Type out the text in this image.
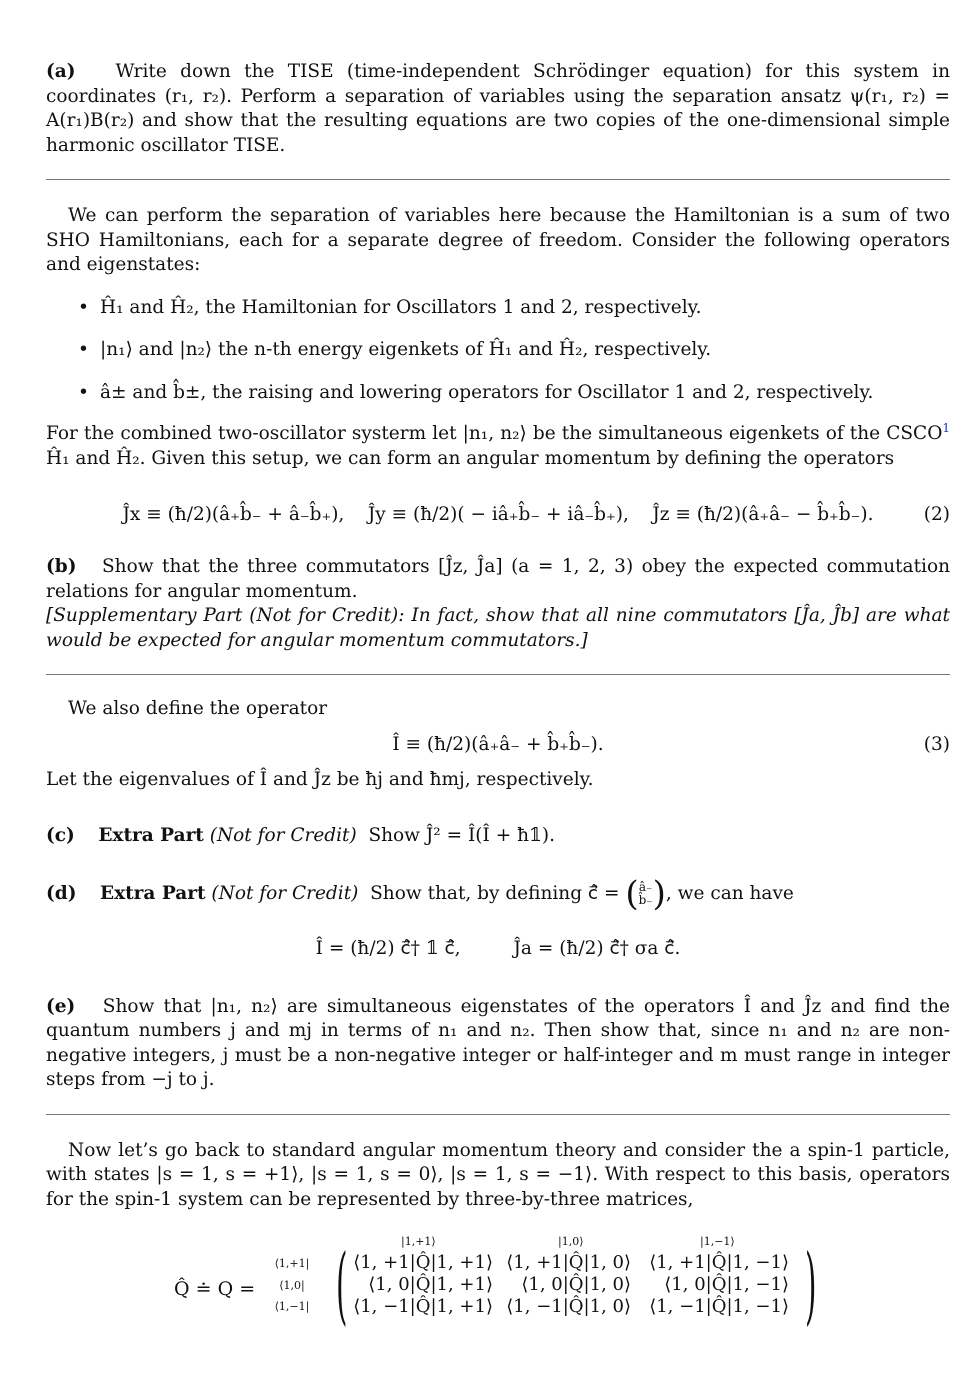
(a) Write down the TISE (time-independent Schrödinger equation) for this system in coordinates (r₁, r₂). Perform a separation of variables using the separation ansatz ψ(r₁, r₂) = A(r₁)B(r₂) and show that the resulting equations are two copies of the one-dimensional simple harmonic oscillator TISE.

We can perform the separation of variables here because the Hamiltonian is a sum of two SHO Hamiltonians, each for a separate degree of freedom. Consider the following operators and eigenstates:

• Ĥ₁ and Ĥ₂, the Hamiltonian for Oscillators 1 and 2, respectively.
• |n₁⟩ and |n₂⟩ the n-th energy eigenkets of Ĥ₁ and Ĥ₂, respectively.
• â± and b̂±, the raising and lowering operators for Oscillator 1 and 2, respectively.

For the combined two-oscillator systerm let |n₁, n₂⟩ be the simultaneous eigenkets of the CSCO$^1$ Ĥ₁ and Ĥ₂. Given this setup, we can form an angular momentum by defining the operators

Ĵx ≡ (ħ/2)(â₊b̂₋ + â₋b̂₊), Ĵy ≡ (ħ/2)( − iâ₊b̂₋ + iâ₋b̂₊), Ĵz ≡ (ħ/2)(â₊â₋ − b̂₊b̂₋).	(2)

(b) Show that the three commutators [Ĵz, Ĵa] (a = 1, 2, 3) obey the expected commutation relations for angular momentum.

[Supplementary Part (Not for Credit): In fact, show that all nine commutators [Ĵa, Ĵb] are what would be expected for angular momentum commutators.]

We also define the operator

Î ≡ (ħ/2)(â₊â₋ + b̂₊b̂₋).	(3)

Let the eigenvalues of Î and Ĵz be ħj and ħmj, respectively.

(c) Extra Part (Not for Credit) Show Ĵ² = Î(Î + ħ𝟙).

(d) Extra Part (Not for Credit) Show that, by defining ĉ⃗ = (â₋
b̂₋), we can have

Î = (ħ/2) ĉ⃗† 𝟙 ĉ⃗,	Ĵa = (ħ/2) ĉ⃗† σa ĉ⃗.

(e) Show that |n₁, n₂⟩ are simultaneous eigenstates of the operators Î and Ĵz and find the quantum numbers j and mj in terms of n₁ and n₂. Then show that, since n₁ and n₂ are non-negative integers, j must be a non-negative integer or half-integer and m must range in integer steps from −j to j.

Now let’s go back to standard angular momentum theory and consider the a spin-1 particle, with states |s = 1, s = +1⟩, |s = 1, s = 0⟩, |s = 1, s = −1⟩. With respect to this basis, operators for the spin-1 system can be represented by three-by-three matrices,

Q̂ ≐ Q =
|1,+1⟩	|1,0⟩	|1,−1⟩
⟨1,+1|
⟨1,0|
⟨1,−1| (	)
⟨1, +1|Q̂|1, +1⟩ ⟨1, +1|Q̂|1, 0⟩ ⟨1, +1|Q̂|1, −1⟩
⟨1, 0|Q̂|1, +1⟩	⟨1, 0|Q̂|1, 0⟩	⟨1, 0|Q̂|1, −1⟩
⟨1, −1|Q̂|1, +1⟩ ⟨1, −1|Q̂|1, 0⟩ ⟨1, −1|Q̂|1, −1⟩
